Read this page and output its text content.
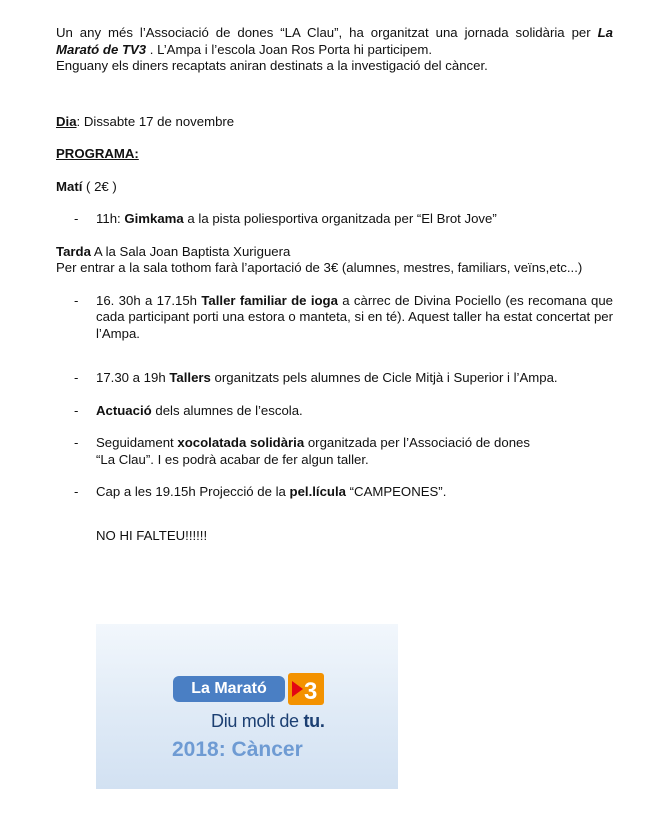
Un any més l’Associació de dones “LA Clau”, ha organitzat una jornada solidària per La Marató de TV3 . L’Ampa i l’escola Joan Ros Porta hi participem.
Enguany els diners recaptats aniran destinats a la investigació del càncer.

Dia: Dissabte 17 de novembre

PROGRAMA:

Matí ( 2€ )

- 11h: Gimkama a la pista poliesportiva organitzada per “El Brot Jove”

Tarda A la Sala Joan Baptista Xuriguera

Per entrar a la sala tothom farà l’aportació de 3€ (alumnes, mestres, familiars, veïns,etc...)

- 16. 30h a 17.15h Taller familiar de ioga a càrrec de Divina Pociello (es recomana que cada participant porti una estora o manteta, si en té). Aquest taller ha estat concertat per l’Ampa.
- 17.30 a 19h Tallers organitzats pels alumnes de Cicle Mitjà i Superior i l’Ampa.
- Actuació dels alumnes de l’escola.
- Seguidament xocolatada solidària organitzada per l’Associació de dones
“La Clau”. I es podrà acabar de fer algun taller.
- Cap a les 19.15h Projecció de la pel.lícula “CAMPEONES”.

NO HI FALTEU!!!!!!

La Marató	3
Diu molt de tu.
2018: Càncer
